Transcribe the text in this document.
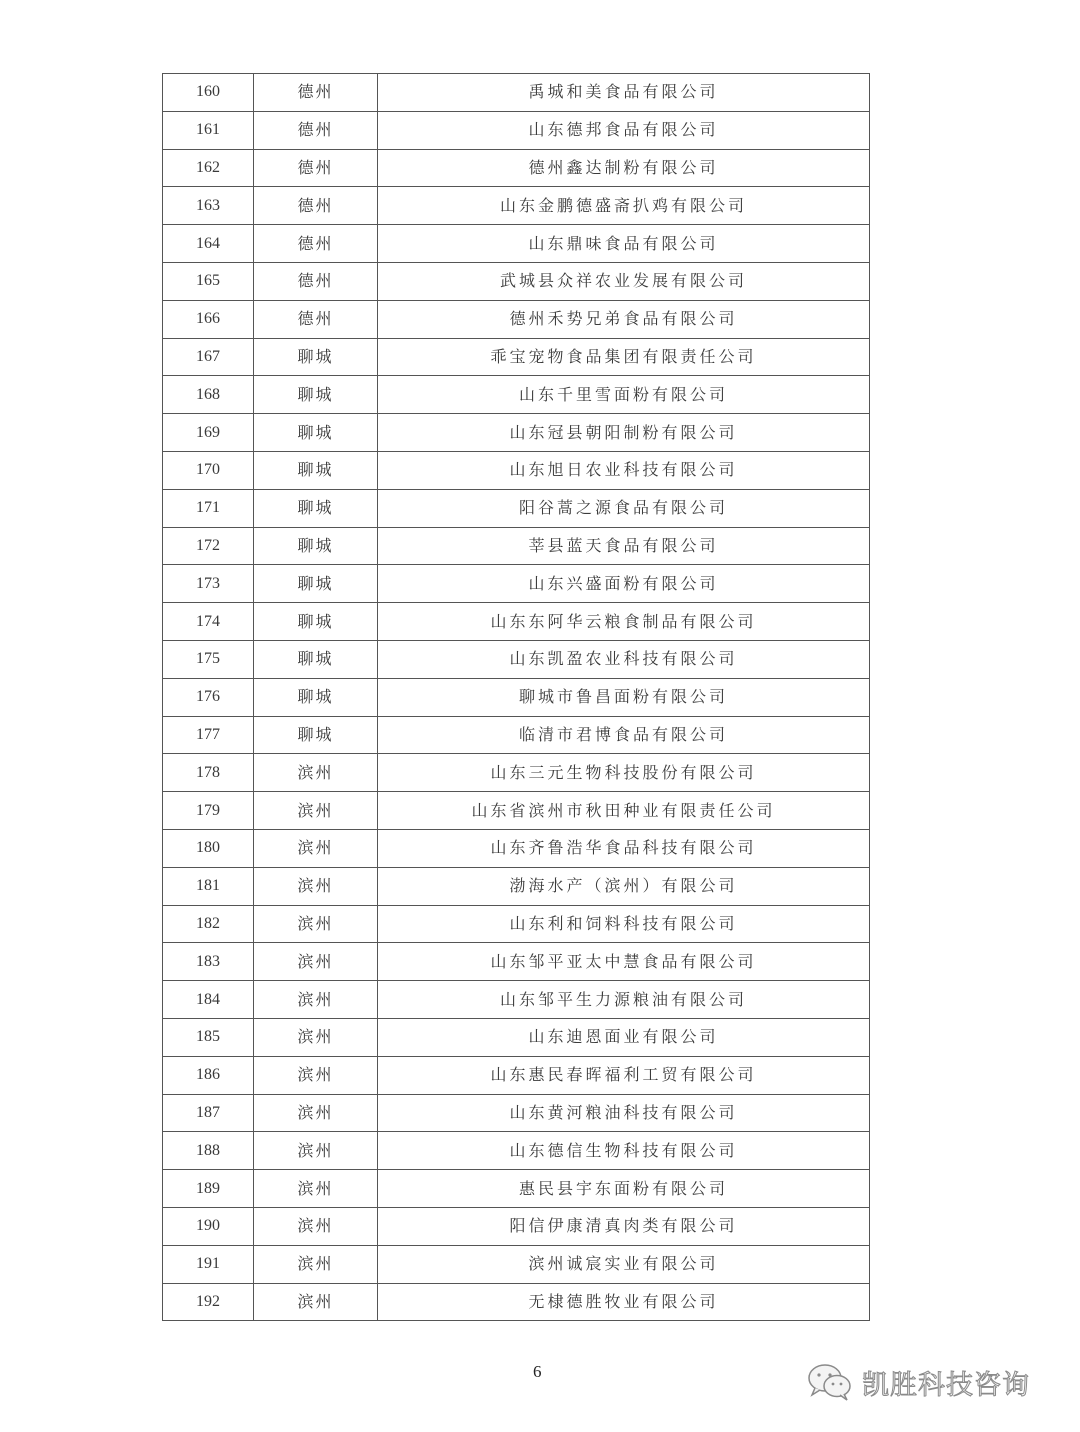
160	德州	禹城和美食品有限公司
161	德州	山东德邦食品有限公司
162	德州	德州鑫达制粉有限公司
163	德州	山东金鹏德盛斋扒鸡有限公司
164	德州	山东鼎味食品有限公司
165	德州	武城县众祥农业发展有限公司
166	德州	德州禾势兄弟食品有限公司
167	聊城	乖宝宠物食品集团有限责任公司
168	聊城	山东千里雪面粉有限公司
169	聊城	山东冠县朝阳制粉有限公司
170	聊城	山东旭日农业科技有限公司
171	聊城	阳谷蒿之源食品有限公司
172	聊城	莘县蓝天食品有限公司
173	聊城	山东兴盛面粉有限公司
174	聊城	山东东阿华云粮食制品有限公司
175	聊城	山东凯盈农业科技有限公司
176	聊城	聊城市鲁昌面粉有限公司
177	聊城	临清市君博食品有限公司
178	滨州	山东三元生物科技股份有限公司
179	滨州	山东省滨州市秋田种业有限责任公司
180	滨州	山东齐鲁浩华食品科技有限公司
181	滨州	渤海水产（滨州）有限公司
182	滨州	山东利和饲料科技有限公司
183	滨州	山东邹平亚太中慧食品有限公司
184	滨州	山东邹平生力源粮油有限公司
185	滨州	山东迪恩面业有限公司
186	滨州	山东惠民春晖福利工贸有限公司
187	滨州	山东黄河粮油科技有限公司
188	滨州	山东德信生物科技有限公司
189	滨州	惠民县宇东面粉有限公司
190	滨州	阳信伊康清真肉类有限公司
191	滨州	滨州诚宸实业有限公司
192	滨州	无棣德胜牧业有限公司
6	凯胜科技咨询
